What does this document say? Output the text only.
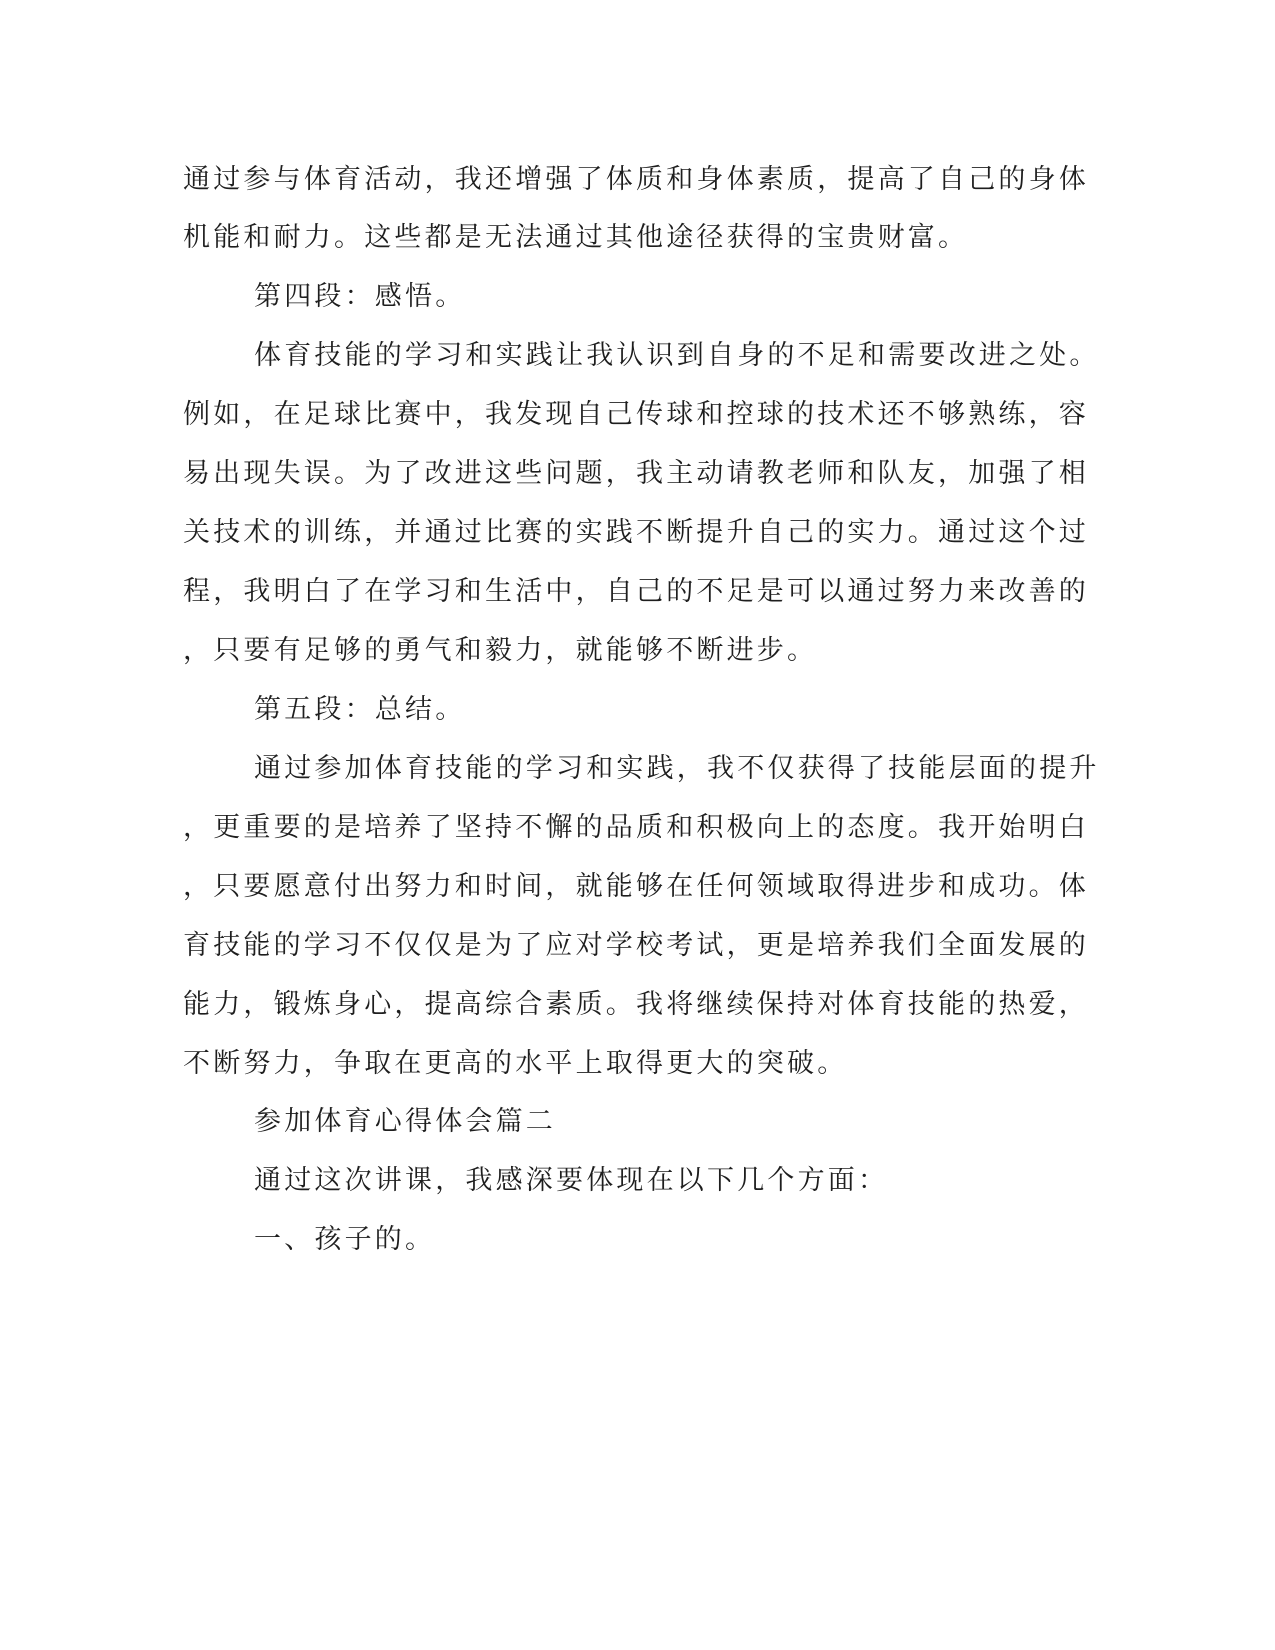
通过参与体育活动，我还增强了体质和身体素质，提高了自己的身体
机能和耐力。这些都是无法通过其他途径获得的宝贵财富。
第四段：感悟。
体育技能的学习和实践让我认识到自身的不足和需要改进之处。
例如，在足球比赛中，我发现自己传球和控球的技术还不够熟练，容
易出现失误。为了改进这些问题，我主动请教老师和队友，加强了相
关技术的训练，并通过比赛的实践不断提升自己的实力。通过这个过
程，我明白了在学习和生活中，自己的不足是可以通过努力来改善的
，只要有足够的勇气和毅力，就能够不断进步。
第五段：总结。
通过参加体育技能的学习和实践，我不仅获得了技能层面的提升
，更重要的是培养了坚持不懈的品质和积极向上的态度。我开始明白
，只要愿意付出努力和时间，就能够在任何领域取得进步和成功。体
育技能的学习不仅仅是为了应对学校考试，更是培养我们全面发展的
能力，锻炼身心，提高综合素质。我将继续保持对体育技能的热爱，
不断努力，争取在更高的水平上取得更大的突破。
参加体育心得体会篇二
通过这次讲课，我感深要体现在以下几个方面：
一、孩子的。
